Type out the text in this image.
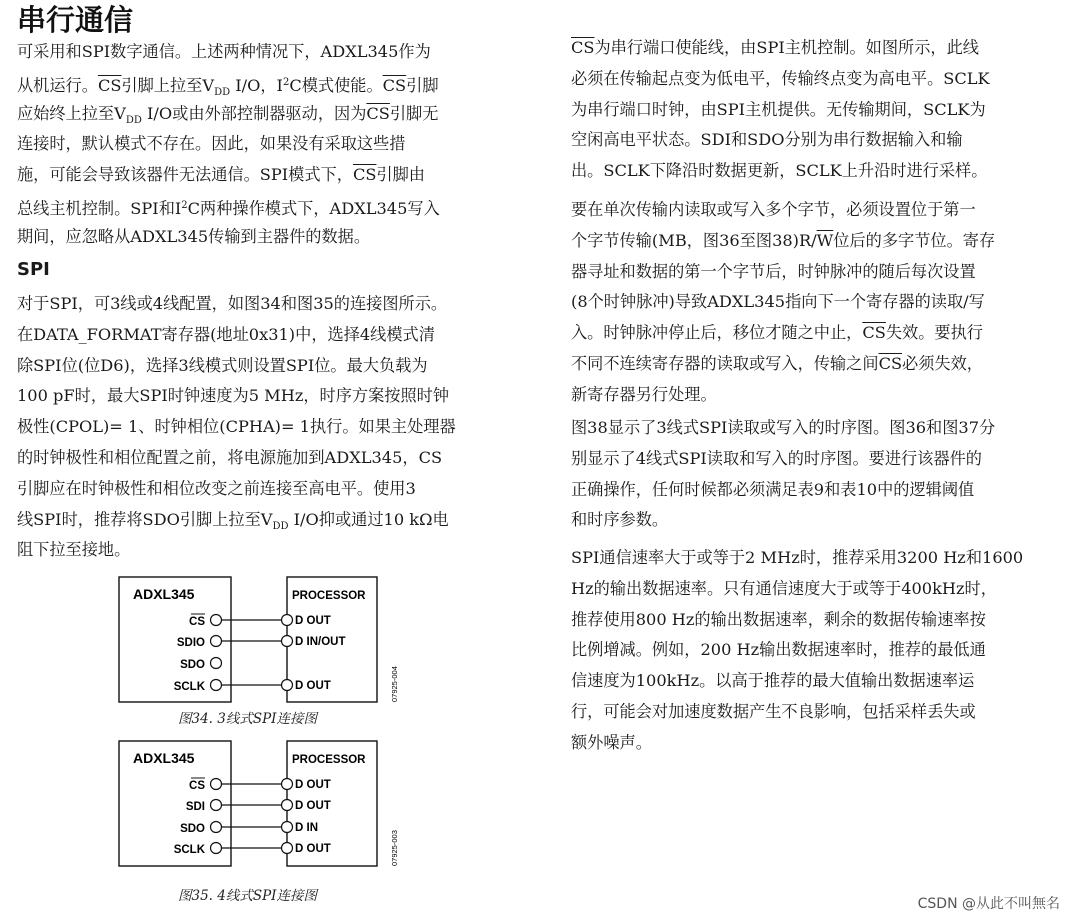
串行通信
可采用和SPI数字通信。上述两种情况下，ADXL345作为
从机运行。$\overline{CS}$引脚上拉至$V_{DD}$ I/O，$I^2C$模式使能。$\overline{CS}$引脚
应始终上拉至$V_{DD}$ I/O或由外部控制器驱动，因为$\overline{CS}$引脚无
连接时，默认模式不存在。因此，如果没有采取这些措
施，可能会导致该器件无法通信。SPI模式下，$\overline{CS}$引脚由
总线主机控制。SPI和$I^2C$两种操作模式下，ADXL345写入
期间，应忽略从ADXL345传输到主器件的数据。
SPI
对于SPI，可3线或4线配置，如图34和图35的连接图所示。
在DATA_FORMAT寄存器(地址0x31)中，选择4线模式清
除SPI位(位D6)，选择3线模式则设置SPI位。最大负载为
100 pF时，最大SPI时钟速度为5 MHz，时序方案按照时钟
极性(CPOL)= 1、时钟相位(CPHA)= 1执行。如果主处理器
的时钟极性和相位配置之前，将电源施加到ADXL345，CS
引脚应在时钟极性和相位改变之前连接至高电平。使用3
线SPI时，推荐将SDO引脚上拉至$V_{DD}$ I/O抑或通过10 kΩ电
阻下拉至接地。
$\overline{CS}$为串行端口使能线，由SPI主机控制。如图所示，此线
必须在传输起点变为低电平，传输终点变为高电平。SCLK
为串行端口时钟，由SPI主机提供。无传输期间，SCLK为
空闲高电平状态。SDI和SDO分别为串行数据输入和输
出。SCLK下降沿时数据更新，SCLK上升沿时进行采样。
要在单次传输内读取或写入多个字节，必须设置位于第一
个字节传输(MB，图36至图$38)R/\overline{W}$位后的多字节位。寄存
器寻址和数据的第一个字节后，时钟脉冲的随后每次设置
(8个时钟脉冲)导致ADXL345指向下一个寄存器的读取/写
入。时钟脉冲停止后，移位才随之中止，$\overline{CS}$失效。要执行
不同不连续寄存器的读取或写入，传输之间$\overline{CS}$必须失效，
新寄存器另行处理。
图38显示了3线式SPI读取或写入的时序图。图36和图37分
别显示了4线式SPI读取和写入的时序图。要进行该器件的
正确操作，任何时候都必须满足表9和表10中的逻辑阈值
和时序参数。
SPI通信速率大于或等于2 MHz时，推荐采用3200 Hz和1600
Hz的输出数据速率。只有通信速度大于或等于400kHz时，
推荐使用800 Hz的输出数据速率，剩余的数据传输速率按
比例增减。例如，200 Hz输出数据速率时，推荐的最低通
信速度为100kHz。以高于推荐的最大值输出数据速率运
行，可能会对加速度数据产生不良影响，包括采样丢失或
额外噪声。
ADXL345	PROCESSOR
CS
SDIO
SDO
SCLK
D OUT
D IN/OUT
D OUT	07925-004
图34. 3线式SPI连接图
ADXL345	PROCESSOR
CS
SDI
SDO
SCLK
D OUT
D OUT
D IN
D OUT	07925-003
图35. 4线式SPI连接图	CSDN @从此不叫無名
